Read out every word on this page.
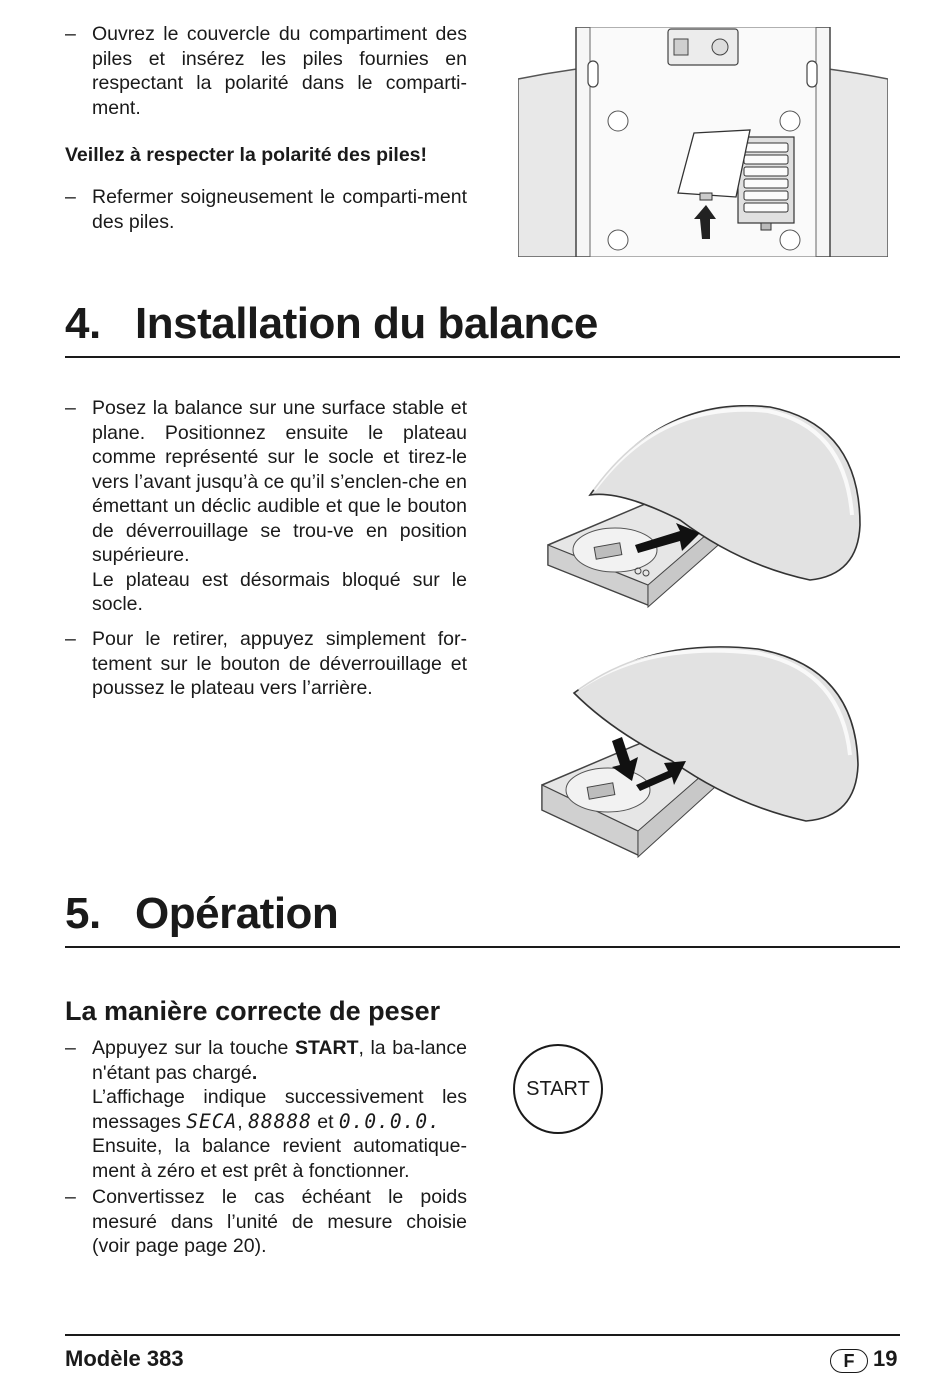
– Ouvrez le couvercle du compartiment des piles et insérez les piles fournies en respectant la polarité dans le comparti-ment.
Veillez à respecter la polarité des piles!
– Refermer soigneusement le comparti-ment des piles.
4. Installation du balance
– Posez la balance sur une surface stable et plane. Positionnez ensuite le plateau comme représenté sur le socle et tirez-le vers l’avant jusqu’à ce qu’il s’enclen-che en émettant un déclic audible et que le bouton de déverrouillage se trou-ve en position supérieure.
Le plateau est désormais bloqué sur le socle.
– Pour le retirer, appuyez simplement for-tement sur le bouton de déverrouillage et poussez le plateau vers l’arrière.
5. Opération
La manière correcte de peser
– Appuyez sur la touche START, la ba-lance n'étant pas chargé.
L’affichage indique successivement les messages SECA, 88888 et 0.0.0.0.
Ensuite, la balance revient automatique-ment à zéro et est prêt à fonctionner.
– Convertissez le cas échéant le poids mesuré dans l’unité de mesure choisie (voir page page 20).
START
Modèle 383	F 19
